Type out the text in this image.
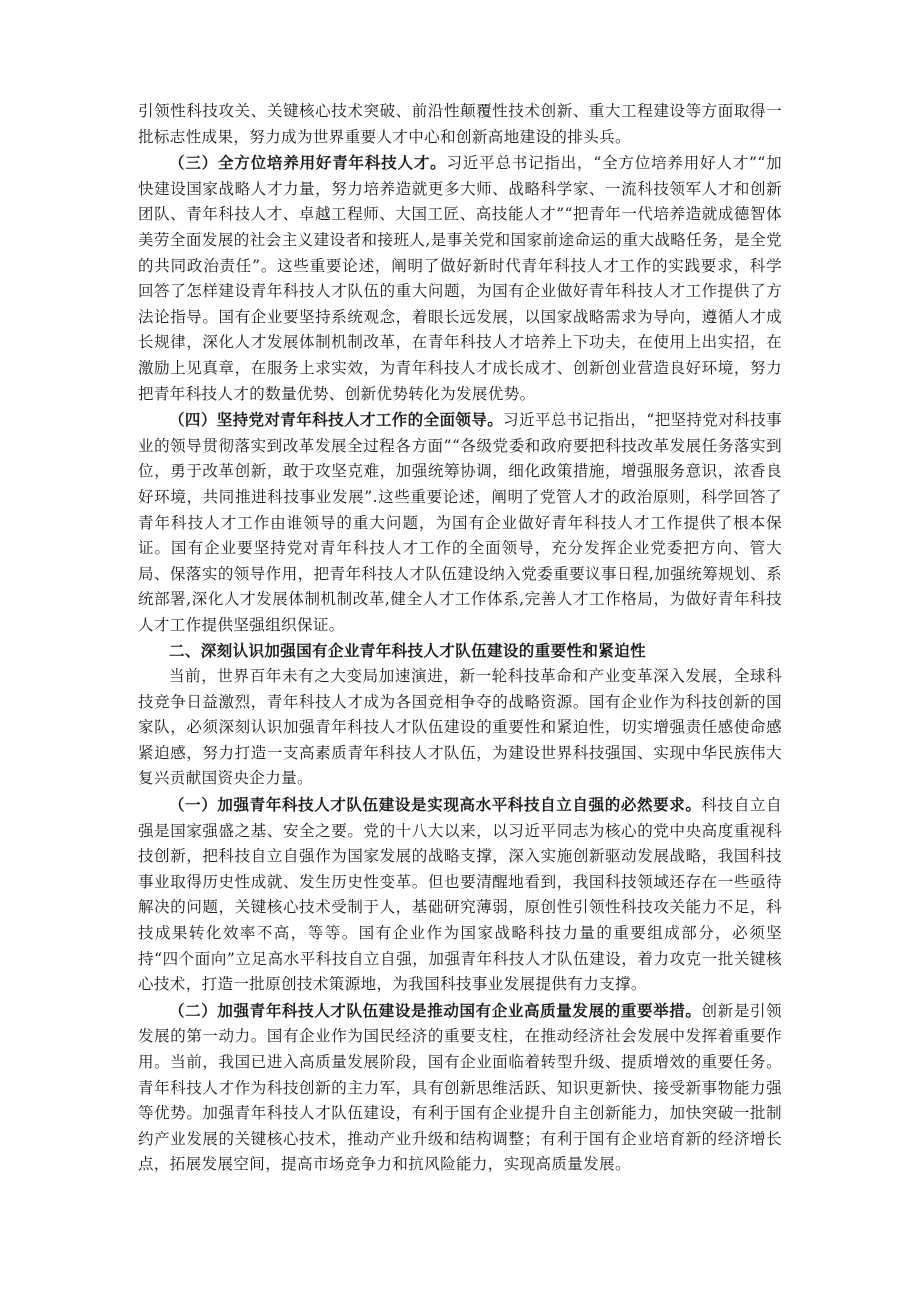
引领性科技攻关、关键核心技术突破、前沿性颠覆性技术创新、重大工程建设等方面取得一批标志性成果，努力成为世界重要人才中心和创新高地建设的排头兵。

（三）全方位培养用好青年科技人才。习近平总书记指出，“全方位培养用好人才”“加快建设国家战略人才力量，努力培养造就更多大师、战略科学家、一流科技领军人才和创新团队、青年科技人才、卓越工程师、大国工匠、高技能人才”“把青年一代培养造就成德智体美劳全面发展的社会主义建设者和接班人,是事关党和国家前途命运的重大战略任务，是全党的共同政治责任”。这些重要论述，阐明了做好新时代青年科技人才工作的实践要求，科学回答了怎样建设青年科技人才队伍的重大问题，为国有企业做好青年科技人才工作提供了方法论指导。国有企业要坚持系统观念，着眼长远发展，以国家战略需求为导向，遵循人才成长规律，深化人才发展体制机制改革，在青年科技人才培养上下功夫，在使用上出实招，在激励上见真章，在服务上求实效，为青年科技人才成长成才、创新创业营造良好环境，努力把青年科技人才的数量优势、创新优势转化为发展优势。

（四）坚持党对青年科技人才工作的全面领导。习近平总书记指出，“把坚持党对科技事业的领导贯彻落实到改革发展全过程各方面”“各级党委和政府要把科技改革发展任务落实到位，勇于改革创新，敢于攻坚克难，加强统筹协调，细化政策措施，增强服务意识，浓香良好环境，共同推进科技事业发展”.这些重要论述，阐明了党管人才的政治原则，科学回答了青年科技人才工作由谁领导的重大问题，为国有企业做好青年科技人才工作提供了根本保证。国有企业要坚持党对青年科技人才工作的全面领导，充分发挥企业党委把方向、管大局、保落实的领导作用，把青年科技人才队伍建设纳入党委重要议事日程,加强统筹规划、系统部署,深化人才发展体制机制改革,健全人才工作体系,完善人才工作格局，为做好青年科技人才工作提供坚强组织保证。

二、深刻认识加强国有企业青年科技人才队伍建设的重要性和紧迫性

当前，世界百年未有之大变局加速演进，新一轮科技革命和产业变革深入发展，全球科技竞争日益激烈，青年科技人才成为各国竞相争夺的战略资源。国有企业作为科技创新的国家队，必须深刻认识加强青年科技人才队伍建设的重要性和紧迫性，切实增强责任感使命感紧迫感，努力打造一支高素质青年科技人才队伍，为建设世界科技强国、实现中华民族伟大复兴贡献国资央企力量。

（一）加强青年科技人才队伍建设是实现高水平科技自立自强的必然要求。科技自立自强是国家强盛之基、安全之要。党的十八大以来，以习近平同志为核心的党中央高度重视科技创新，把科技自立自强作为国家发展的战略支撑，深入实施创新驱动发展战略，我国科技事业取得历史性成就、发生历史性变革。但也要清醒地看到，我国科技领域还存在一些亟待解决的问题，关键核心技术受制于人，基础研究薄弱，原创性引领性科技攻关能力不足，科技成果转化效率不高，等等。国有企业作为国家战略科技力量的重要组成部分，必须坚持“四个面向”立足高水平科技自立自强，加强青年科技人才队伍建设，着力攻克一批关键核心技术，打造一批原创技术策源地，为我国科技事业发展提供有力支撑。

（二）加强青年科技人才队伍建设是推动国有企业高质量发展的重要举措。创新是引领发展的第一动力。国有企业作为国民经济的重要支柱，在推动经济社会发展中发挥着重要作用。当前，我国已进入高质量发展阶段，国有企业面临着转型升级、提质增效的重要任务。青年科技人才作为科技创新的主力军，具有创新思维活跃、知识更新快、接受新事物能力强等优势。加强青年科技人才队伍建设，有利于国有企业提升自主创新能力，加快突破一批制约产业发展的关键核心技术，推动产业升级和结构调整；有利于国有企业培育新的经济增长点，拓展发展空间，提高市场竞争力和抗风险能力，实现高质量发展。
